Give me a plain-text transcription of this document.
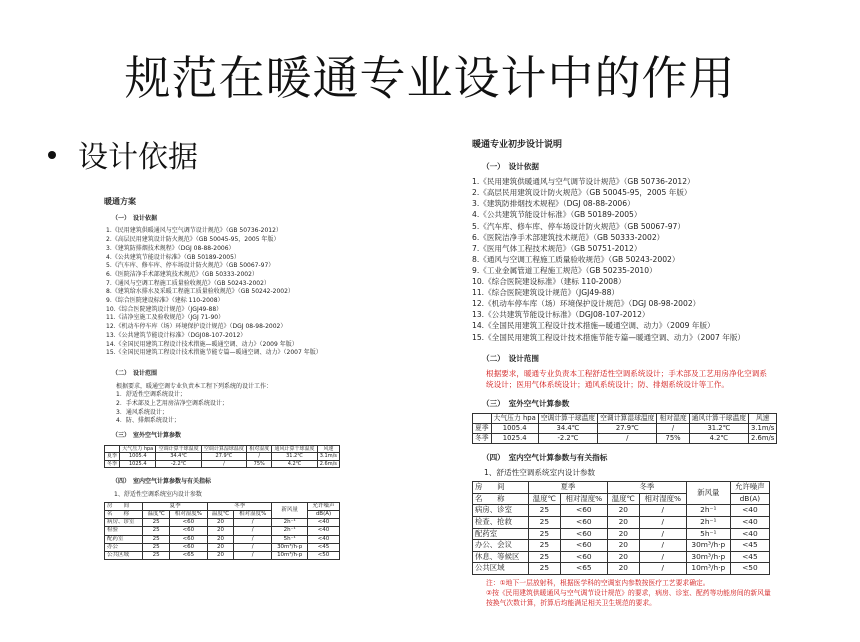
规范在暖通专业设计中的作用
设计依据
暖通方案
（一）　设计依据
1.《民用建筑供暖通风与空气调节设计规范》（GB 50736-2012）
2.《高层民用建筑设计防火规范》（GB 50045-95，2005 年版）
3.《建筑防排烟技术规程》（DGJ 08-88-2006）
4.《公共建筑节能设计标准》（GB 50189-2005）
5.《汽车库、修车库、停车场设计防火规范》（GB 50067-97）
6.《医院洁净手术部建筑技术规范》（GB 50333-2002）
7.《通风与空调工程施工质量验收规范》（GB 50243-2002）
8.《建筑给水排水及采暖工程施工质量验收规范》（GB 50242-2002）
9.《综合医院建设标准》（建标 110-2008）
10.《综合医院建筑设计规范》（JGJ49-88）
11.《洁净室施工及验收规范》（JGJ 71-90）
12.《机动车停车库（场）环境保护设计规范》（DGJ 08-98-2002）
13.《公共建筑节能设计标准》（DGJ08-107-2012）
14.《全国民用建筑工程设计技术措施—暖通空调、动力》（2009 年版）
15.《全国民用建筑工程设计技术措施节能专篇—暖通空调、动力》（2007 年版）
（二）　设计范围
根据要求，暖通空调专业负责本工程下列系统的设计工作：
1．舒适性空调系统设计；
2．手术部及上艺用房洁净空调系统设计；
3．通风系统设计；
4．防、排烟系统设计；
（三）　室外空气计算参数
	大气压力 hpa	空调计算干球温度	空调计算湿球温度	相对湿度	通风计算干球温度	风速
夏季	1005.4	34.4℃	27.9℃	/	31.2℃	3.1m/s
冬季	1025.4	-2.2℃	/	75%	4.2℃	2.6m/s
（四）　室内空气计算参数与有关指标
1、舒适性空调系统室内设计参数
房　　间	夏季		冬季		新风量	允许噪声
名　　称	温度℃	相对湿度%	温度℃	相对湿度%		dB(A)
病房、诊室	25	<60	20	/	2h⁻¹	<40
检验	25	<60	20	/	2h⁻¹	<40
配药室	25	<60	20	/	5h⁻¹	<40
办公	25	<60	20	/	30m³/h·p	<45
公共区域	25	<65	20	/	10m³/h·p	<50
暖通专业初步设计说明
（一）　设计依据
1.《民用建筑供暖通风与空气调节设计规范》（GB 50736-2012）
2.《高层民用建筑设计防火规范》（GB 50045-95，2005 年版）
3.《建筑防排烟技术规程》（DGJ 08-88-2006）
4.《公共建筑节能设计标准》（GB 50189-2005）
5.《汽车库、修车库、停车场设计防火规范》（GB 50067-97）
6.《医院洁净手术部建筑技术规范》（GB 50333-2002）
7.《医用气体工程技术规范》（GB 50751-2012）
8.《通风与空调工程施工质量验收规范》（GB 50243-2002）
9.《工业金属管道工程施工规范》（GB 50235-2010）
10.《综合医院建设标准》（建标 110-2008）
11.《综合医院建筑设计规范》（JGJ49-88）
12.《机动车停车库（场）环境保护设计规范》（DGJ 08-98-2002）
13.《公共建筑节能设计标准》（DGJ08-107-2012）
14.《全国民用建筑工程设计技术措施—暖通空调、动力》（2009 年版）
15.《全国民用建筑工程设计技术措施节能专篇—暖通空调、动力》（2007 年版）
（二）　设计范围
根据要求，暖通专业负责本工程舒适性空调系统设计；手术部及工艺用房净化空调系统设计；医用气体系统设计；通风系统设计；防、排烟系统设计等工作。
（三）　室外空气计算参数
	大气压力 hpa	空调计算干球温度	空调计算湿球温度	相对湿度	通风计算干球温度	风速
夏季	1005.4	34.4℃	27.9℃	/	31.2℃	3.1m/s
冬季	1025.4	-2.2℃	/	75%	4.2℃	2.6m/s
（四）　室内空气计算参数与有关指标
1、舒适性空调系统室内设计参数
房　　间	夏季		冬季		新风量	允许噪声
名　　称	温度℃	相对湿度%	温度℃	相对湿度%		dB(A)
病房、诊室	25	<60	20	/	2h⁻¹	<40
检查、抢救	25	<60	20	/	2h⁻¹	<40
配药室	25	<60	20	/	5h⁻¹	<40
办公、会议	25	<60	20	/	30m³/h·p	<45
休息、等候区	25	<60	20	/	30m³/h·p	<45
公共区域	25	<65	20	/	10m³/h·p	<50
注：①地下一层放射科，根据医学科的空调室内参数按医疗工艺要求确定。
②按《民用建筑供暖通风与空气调节设计规范》的要求，病房、诊室、配药等功能房间的新风量按换气次数计算，折算后均能满足相关卫生规范的要求。
